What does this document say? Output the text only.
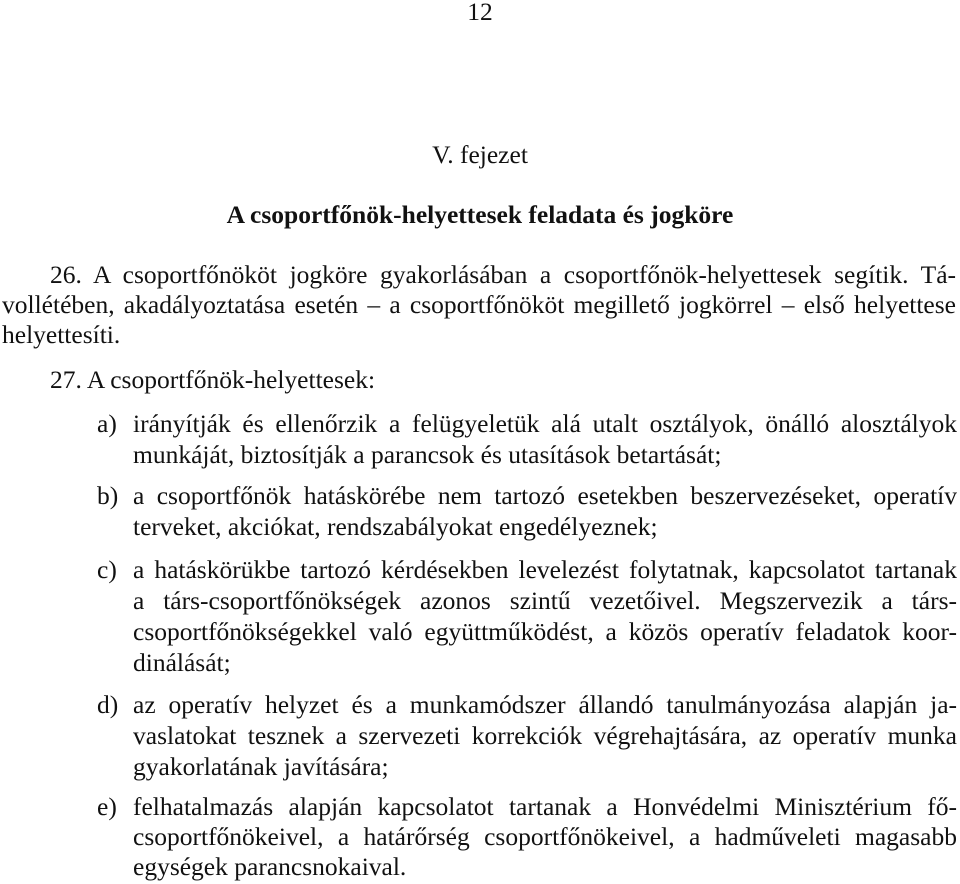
12
V. fejezet
A csoportfőnök-helyettesek feladata és jogköre
26. A csoportfőnököt jogköre gyakorlásában a csoportfőnök-helyettesek segítik. Tá-
vollétében, akadályoztatása esetén – a csoportfőnököt megillető jogkörrel – első helyettese
helyettesíti.
27. A csoportfőnök-helyettesek:
a) irányítják és ellenőrzik a felügyeletük alá utalt osztályok, önálló alosztályok
munkáját, biztosítják a parancsok és utasítások betartását;
b) a csoportfőnök hatáskörébe nem tartozó esetekben beszervezéseket, operatív
terveket, akciókat, rendszabályokat engedélyeznek;
c) a hatáskörükbe tartozó kérdésekben levelezést folytatnak, kapcsolatot tartanak
a társ-csoportfőnökségek azonos szintű vezetőivel. Megszervezik a társ-
csoportfőnökségekkel való együttműködést, a közös operatív feladatok koor-
dinálását;
d) az operatív helyzet és a munkamódszer állandó tanulmányozása alapján ja-
vaslatokat tesznek a szervezeti korrekciók végrehajtására, az operatív munka
gyakorlatának javítására;
e) felhatalmazás alapján kapcsolatot tartanak a Honvédelmi Minisztérium fő-
csoportfőnökeivel, a határőrség csoportfőnökeivel, a hadműveleti magasabb
egységek parancsnokaival.
